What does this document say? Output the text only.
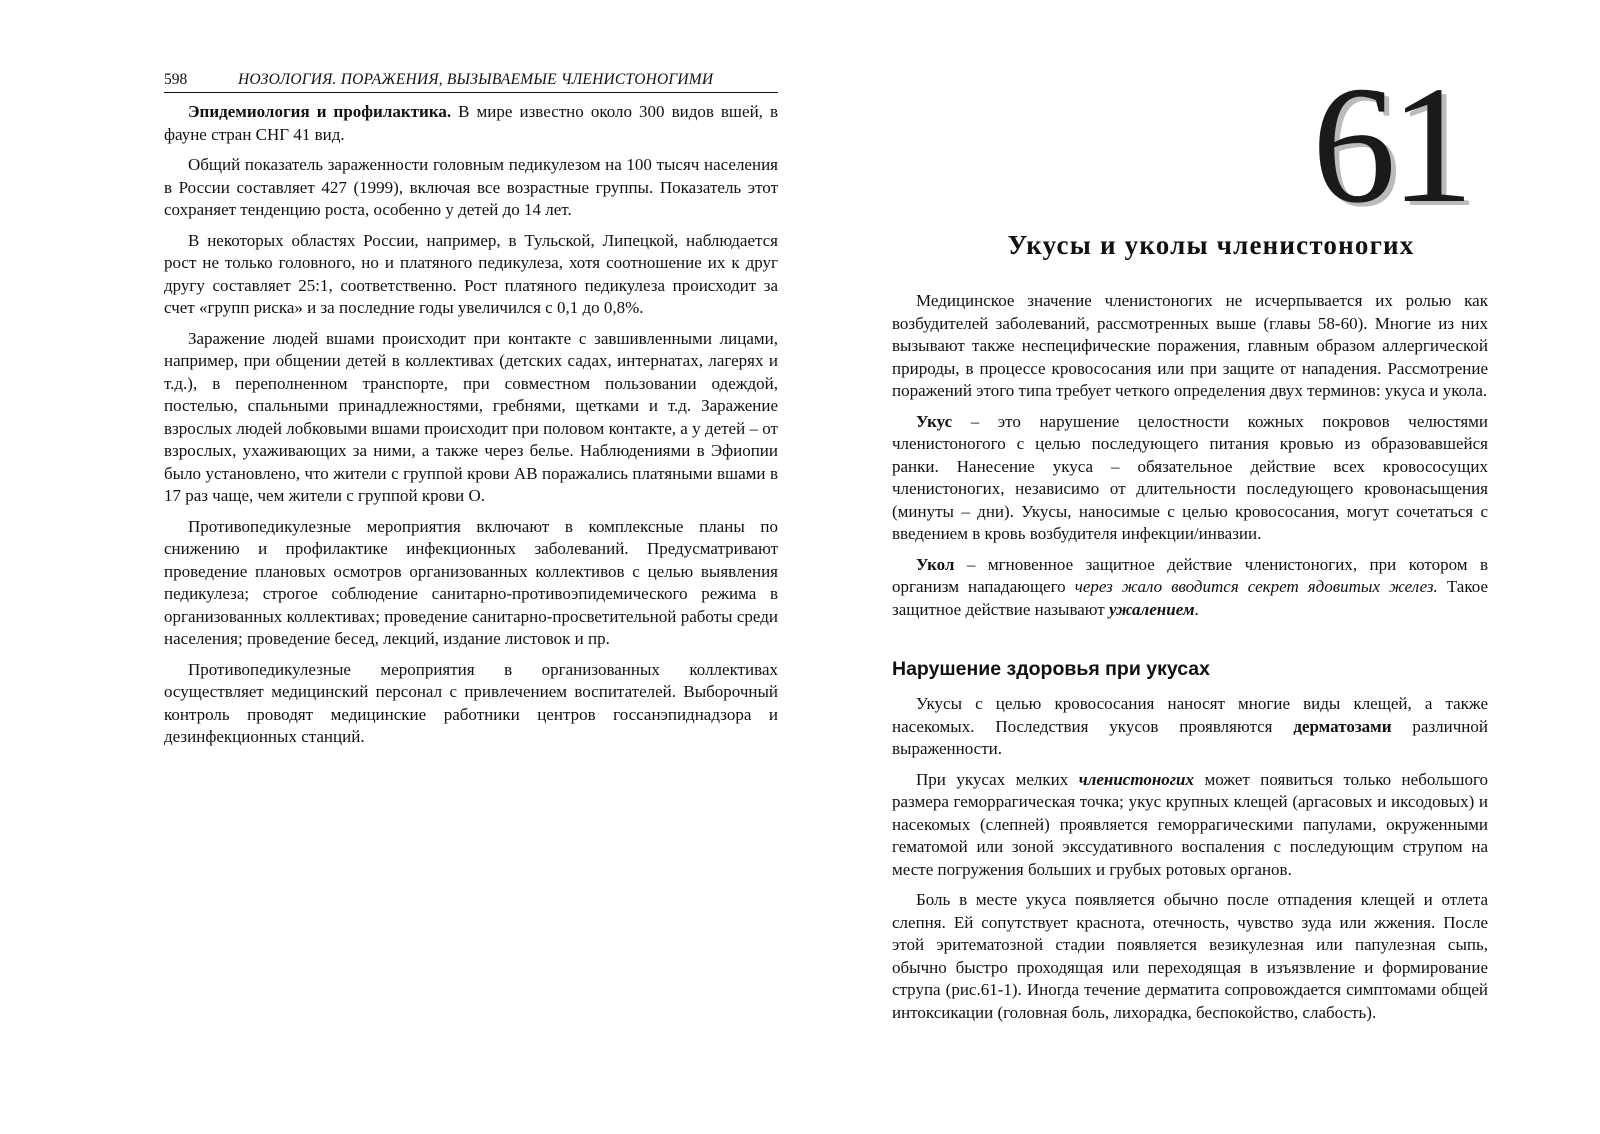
598	НОЗОЛОГИЯ. ПОРАЖЕНИЯ, ВЫЗЫВАЕМЫЕ ЧЛЕНИСТОНОГИМИ

Эпидемиология и профилактика. В мире известно около 300 видов вшей, в фауне стран СНГ 41 вид.

Общий показатель зараженности головным педикулезом на 100 тысяч населения в России составляет 427 (1999), включая все возрастные группы. Показатель этот сохраняет тенденцию роста, особенно у детей до 14 лет.

В некоторых областях России, например, в Тульской, Липецкой, наблюдается рост не только головного, но и платяного педикулеза, хотя соотношение их к друг другу составляет 25:1, соответственно. Рост платяного педикулеза происходит за счет «групп риска» и за последние годы увеличился с 0,1 до 0,8%.

Заражение людей вшами происходит при контакте с завшивленными лицами, например, при общении детей в коллективах (детских садах, интернатах, лагерях и т.д.), в переполненном транспорте, при совместном пользовании одеждой, постелью, спальными принадлежностями, гребнями, щетками и т.д. Заражение взрослых людей лобковыми вшами происходит при половом контакте, а у детей – от взрослых, ухаживающих за ними, а также через белье. Наблюдениями в Эфиопии было установлено, что жители с группой крови AB поражались платяными вшами в 17 раз чаще, чем жители с группой крови O.

Противопедикулезные мероприятия включают в комплексные планы по снижению и профилактике инфекционных заболеваний. Предусматривают проведение плановых осмотров организованных коллективов с целью выявления педикулеза; строгое соблюдение санитарно-противоэпидемического режима в организованных коллективах; проведение санитарно-просветительной работы среди населения; проведение бесед, лекций, издание листовок и пр.

Противопедикулезные мероприятия в организованных коллективах осуществляет медицинский персонал с привлечением воспитателей. Выборочный контроль проводят медицинские работники центров госсанэпиднадзора и дезинфекционных станций.

61
Укусы и уколы членистоногих

Медицинское значение членистоногих не исчерпывается их ролью как возбудителей заболеваний, рассмотренных выше (главы 58-60). Многие из них вызывают также неспецифические поражения, главным образом аллергической природы, в процессе кровососания или при защите от нападения. Рассмотрение поражений этого типа требует четкого определения двух терминов: укуса и укола.

Укус – это нарушение целостности кожных покровов челюстями членистоногого с целью последующего питания кровью из образовавшейся ранки. Нанесение укуса – обязательное действие всех кровососущих членистоногих, независимо от длительности последующего кровонасыщения (минуты – дни). Укусы, наносимые с целью кровососания, могут сочетаться с введением в кровь возбудителя инфекции/инвазии.

Укол – мгновенное защитное действие членистоногих, при котором в организм нападающего через жало вводится секрет ядовитых желез. Такое защитное действие называют ужалением.

Нарушение здоровья при укусах

Укусы с целью кровососания наносят многие виды клещей, а также насекомых. Последствия укусов проявляются дерматозами различной выраженности.

При укусах мелких членистоногих может появиться только небольшого размера геморрагическая точка; укус крупных клещей (аргасовых и иксодовых) и насекомых (слепней) проявляется геморрагическими папулами, окруженными гематомой или зоной экссудативного воспаления с последующим струпом на месте погружения больших и грубых ротовых органов.

Боль в месте укуса появляется обычно после отпадения клещей и отлета слепня. Ей сопутствует краснота, отечность, чувство зуда или жжения. После этой эритематозной стадии появляется везикулезная или папулезная сыпь, обычно быстро проходящая или переходящая в изъязвление и формирование струпа (рис.61-1). Иногда течение дерматита сопровождается симптомами общей интоксикации (головная боль, лихорадка, беспокойство, слабость).
